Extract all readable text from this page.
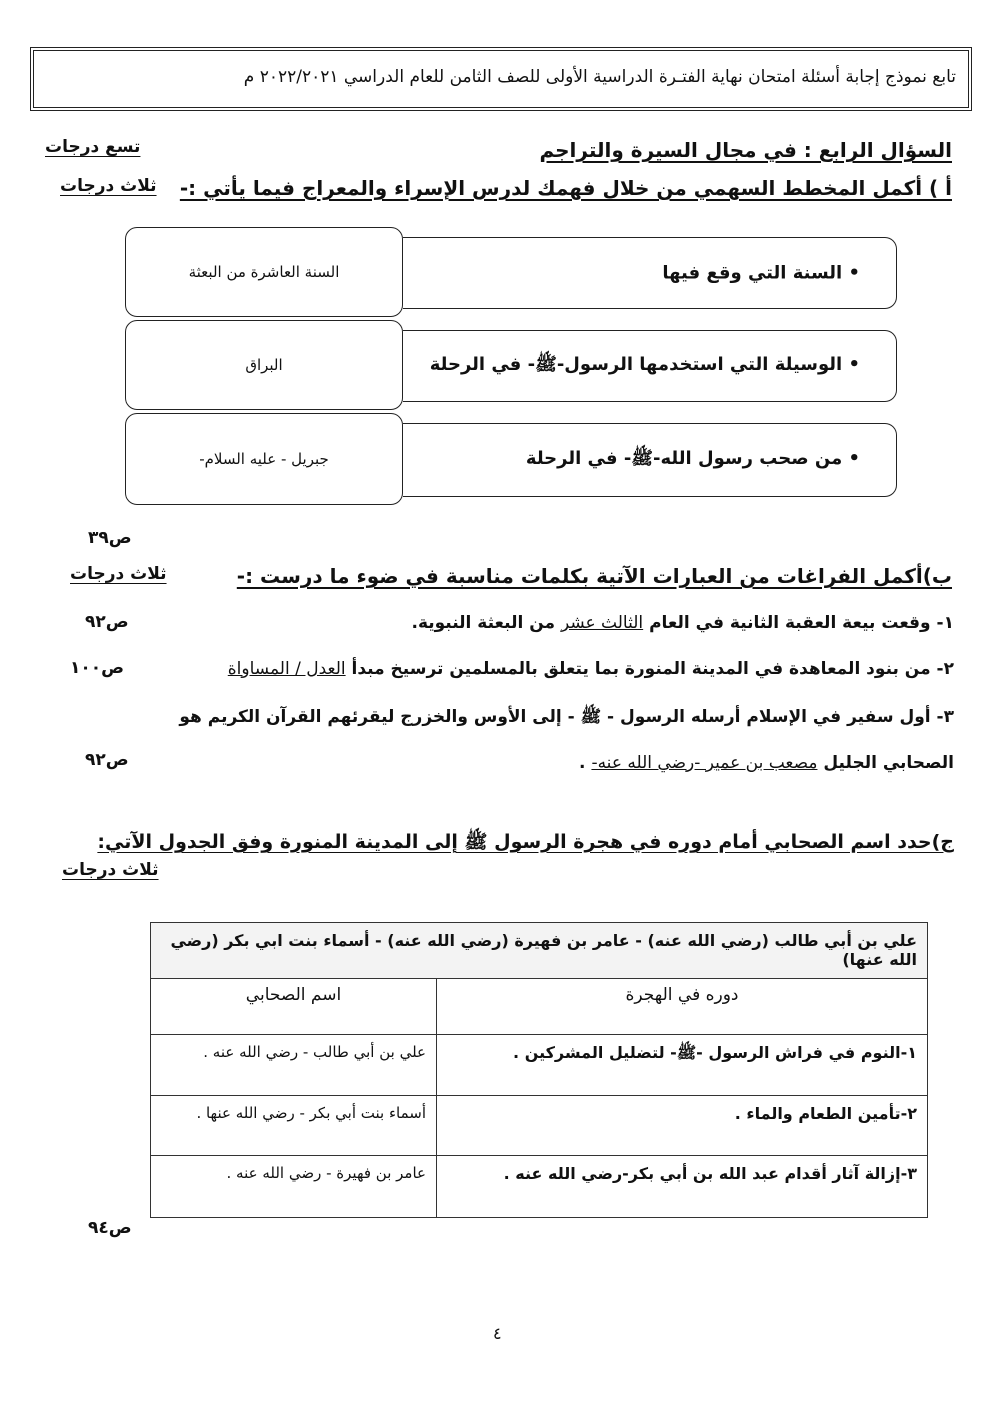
تابع نموذج إجابة أسئلة امتحان نهاية الفتـرة الدراسية الأولى للصف الثامن للعام الدراسي ٢٠٢٢/٢٠٢١ م
السؤال الرابع : في مجال السيرة والتراجم
تسع درجات
أ ) أكمل المخطط السهمي من خلال فهمك لدرس الإسراء والمعراج فيما يأتي :-
ثلاث درجات
• السنة التي وقع فيها
السنة العاشرة من البعثة
• الوسيلة التي استخدمها الرسول-ﷺ- في الرحلة
البراق
• من صحب رسول الله-ﷺ- في الرحلة
جبريل - عليه السلام-
ص٣٩
ب)أكمل الفراغات من العبارات الآتية بكلمات مناسبة في ضوء ما درست :-
ثلاث درجات
١- وقعت بيعة العقبة الثانية في العام الثالث عشر من البعثة النبوية.
ص٩٢
٢- من بنود المعاهدة في المدينة المنورة بما يتعلق بالمسلمين ترسيخ مبدأ العدل / المساواة
ص١٠٠
٣- أول سفير في الإسلام أرسله الرسول - ﷺ - إلى الأوس والخزرج ليقرئهم القرآن الكريم هو
الصحابي الجليل مصعب بن عمير -رضي الله عنه- .
ص٩٢
ج)حدد اسم الصحابي أمام دوره في هجرة الرسول ﷺ إلى المدينة المنورة وفق الجدول الآتي:
ثلاث درجات
علي بن أبي طالب (رضي الله عنه) - عامر بن فهيرة (رضي الله عنه) - أسماء بنت ابي بكر (رضي الله عنها)	
دوره في الهجرة	اسم الصحابي
١-النوم في فراش الرسول -ﷺ- لتضليل المشركين .	علي بن أبي طالب - رضي الله عنه .
٢-تأمين الطعام والماء .	أسماء بنت أبي بكر - رضي الله عنها .
٣-إزالة آثار أقدام عبد الله بن أبي بكر-رضي الله عنه .	عامر بن فهيرة - رضي الله عنه .
ص٩٤
٤
